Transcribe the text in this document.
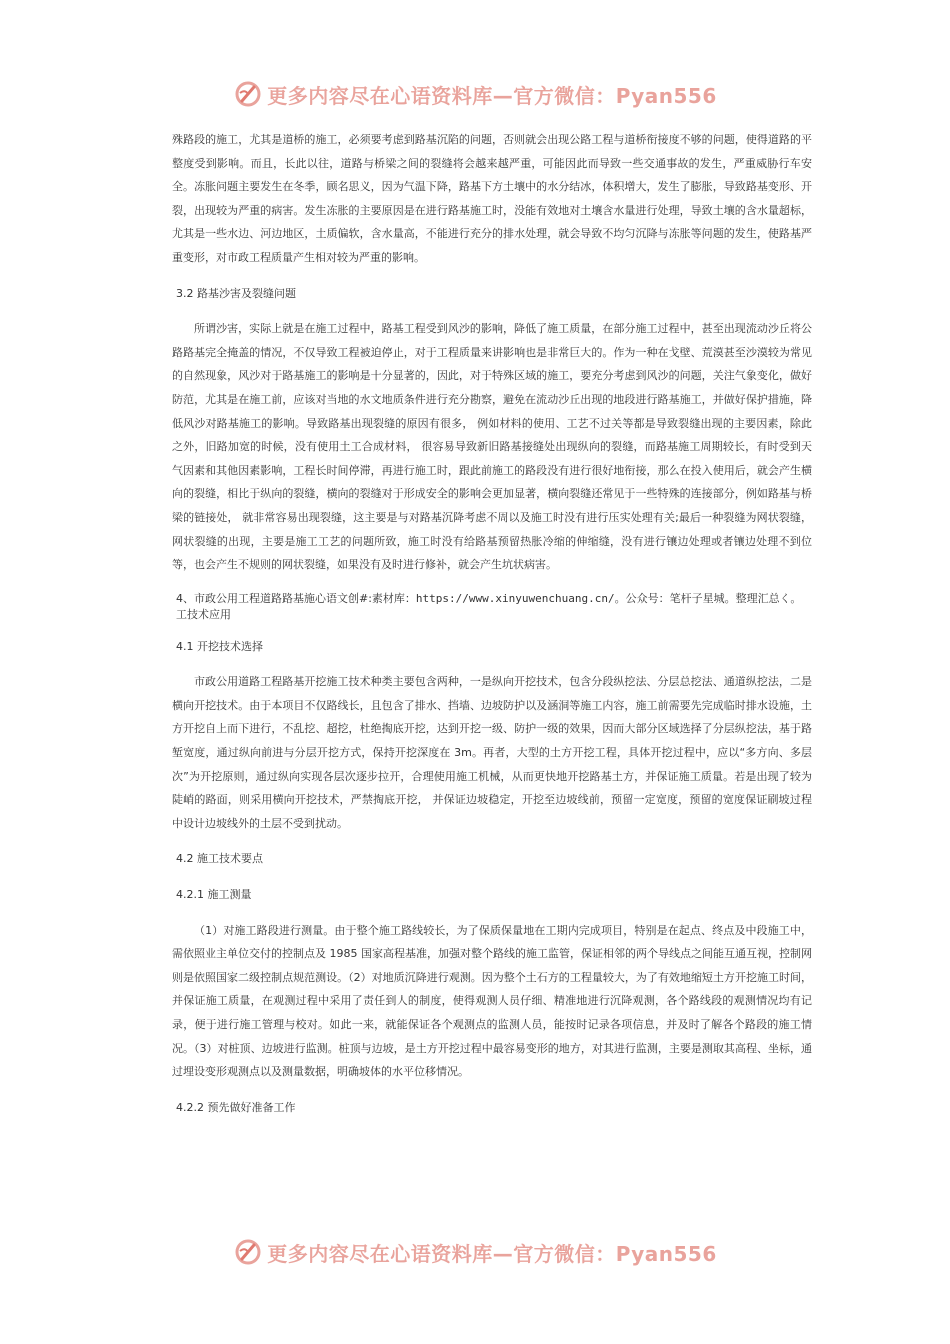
更多内容尽在心语资料库—官方微信：Pyan556

殊路段的施工，尤其是道桥的施工，必须要考虑到路基沉陷的问题，否则就会出现公路工程与道桥衔接度不够的问题，使得道路的平整度受到影响。而且，长此以往，道路与桥梁之间的裂缝将会越来越严重，可能因此而导致一些交通事故的发生，严重威胁行车安全。冻胀问题主要发生在冬季，顾名思义，因为气温下降，路基下方土壤中的水分结冰，体积增大，发生了膨胀，导致路基变形、开裂，出现较为严重的病害。发生冻胀的主要原因是在进行路基施工时，没能有效地对土壤含水量进行处理，导致土壤的含水量超标，尤其是一些水边、河边地区，土质偏软，含水量高，不能进行充分的排水处理，就会导致不均匀沉降与冻胀等问题的发生，使路基严重变形，对市政工程质量产生相对较为严重的影响。

3.2 路基沙害及裂缝问题

所谓沙害，实际上就是在施工过程中，路基工程受到风沙的影响，降低了施工质量，在部分施工过程中，甚至出现流动沙丘将公路路基完全掩盖的情况，不仅导致工程被迫停止，对于工程质量来讲影响也是非常巨大的。作为一种在戈壁、荒漠甚至沙漠较为常见的自然现象，风沙对于路基施工的影响是十分显著的，因此，对于特殊区域的施工，要充分考虑到风沙的问题，关注气象变化，做好防范，尤其是在施工前，应该对当地的水文地质条件进行充分勘察，避免在流动沙丘出现的地段进行路基施工，并做好保护措施，降低风沙对路基施工的影响。导致路基出现裂缝的原因有很多， 例如材料的使用、工艺不过关等都是导致裂缝出现的主要因素，除此之外，旧路加宽的时候，没有使用土工合成材料， 很容易导致新旧路基接缝处出现纵向的裂缝，而路基施工周期较长，有时受到天气因素和其他因素影响，工程长时间停滞，再进行施工时，跟此前施工的路段没有进行很好地衔接，那么在投入使用后，就会产生横向的裂缝，相比于纵向的裂缝，横向的裂缝对于形成安全的影响会更加显著，横向裂缝还常见于一些特殊的连接部分，例如路基与桥梁的链接处， 就非常容易出现裂缝，这主要是与对路基沉降考虑不周以及施工时没有进行压实处理有关;最后一种裂缝为网状裂缝，网状裂缝的出现，主要是施工工艺的问题所致，施工时没有给路基预留热胀冷缩的伸缩缝，没有进行镶边处理或者镶边处理不到位等，也会产生不规则的网状裂缝，如果没有及时进行修补，就会产生坑状病害。

4、市政公用工程道路路基施心语文创#:素材库：https://www.xinyuwenchuang.cn/。公众号：笔杆子星城。整理汇总く。工技术应用

4.1 开挖技术选择

市政公用道路工程路基开挖施工技术种类主要包含两种，一是纵向开挖技术，包含分段纵挖法、分层总挖法、通道纵挖法，二是横向开挖技术。由于本项目不仅路线长，且包含了排水、挡墙、边坡防护以及涵洞等施工内容，施工前需要先完成临时排水设施，土方开挖自上而下进行，不乱挖、超挖，杜绝掏底开挖，达到开挖一级、防护一级的效果，因而大部分区域选择了分层纵挖法，基于路堑宽度，通过纵向前进与分层开挖方式，保持开挖深度在 3m。再者，大型的土方开挖工程，具体开挖过程中，应以“多方向、多层次”为开挖原则，通过纵向实现各层次逐步拉开，合理使用施工机械，从而更快地开挖路基土方，并保证施工质量。若是出现了较为陡峭的路面，则采用横向开挖技术，严禁掏底开挖， 并保证边坡稳定，开挖至边坡线前，预留一定宽度，预留的宽度保证刷坡过程中设计边坡线外的土层不受到扰动。

4.2 施工技术要点

4.2.1 施工测量

（1）对施工路段进行测量。由于整个施工路线较长，为了保质保量地在工期内完成项目，特别是在起点、终点及中段施工中，需依照业主单位交付的控制点及 1985 国家高程基准，加强对整个路线的施工监管，保证相邻的两个导线点之间能互通互视，控制网则是依照国家二级控制点规范测设。（2）对地质沉降进行观测。因为整个土石方的工程量较大，为了有效地缩短土方开挖施工时间，并保证施工质量，在观测过程中采用了责任到人的制度，使得观测人员仔细、精准地进行沉降观测，各个路线段的观测情况均有记录，便于进行施工管理与校对。如此一来，就能保证各个观测点的监测人员，能按时记录各项信息，并及时了解各个路段的施工情况。（3）对桩顶、边坡进行监测。桩顶与边坡，是土方开挖过程中最容易变形的地方，对其进行监测，主要是测取其高程、坐标，通过埋设变形观测点以及测量数据，明确坡体的水平位移情况。

4.2.2 预先做好准备工作

更多内容尽在心语资料库—官方微信：Pyan556
